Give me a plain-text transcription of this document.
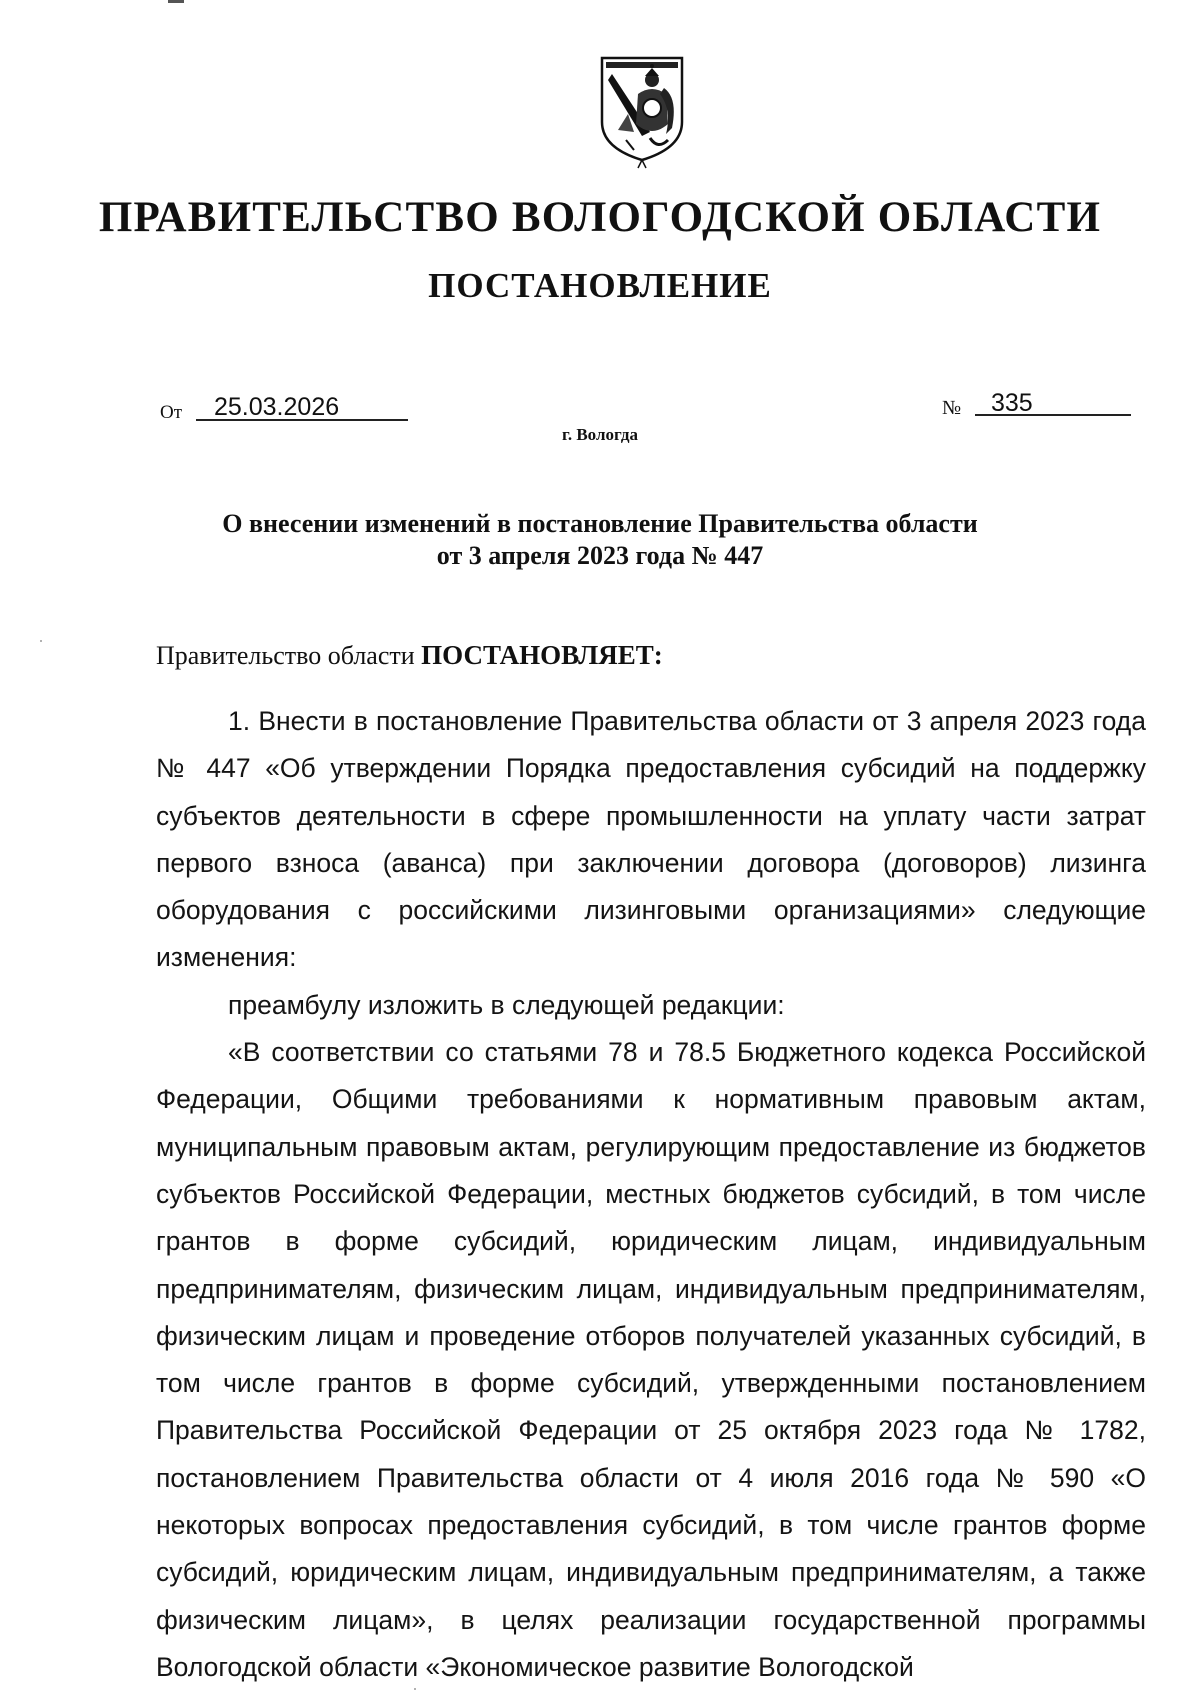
ПРАВИТЕЛЬСТВО ВОЛОГОДСКОЙ ОБЛАСТИ
ПОСТАНОВЛЕНИЕ
От 25.03.2026	№ 335
г. Вологда
О внесении изменений в постановление Правительства области
от 3 апреля 2023 года № 447
Правительство области ПОСТАНОВЛЯЕТ:

1. Внести в постановление Правительства области от 3 апреля 2023 года № 447 «Об утверждении Порядка предоставления субсидий на поддержку субъектов деятельности в сфере промышленности на уплату части затрат первого взноса (аванса) при заключении договора (договоров) лизинга оборудования с российскими лизинговыми организациями» следующие изменения:

преамбулу изложить в следующей редакции:

«В соответствии со статьями 78 и 78.5 Бюджетного кодекса Российской Федерации, Общими требованиями к нормативным правовым актам, муниципальным правовым актам, регулирующим предоставление из бюджетов субъектов Российской Федерации, местных бюджетов субсидий, в том числе грантов в форме субсидий, юридическим лицам, индивидуальным предпринимателям, физическим лицам, индивидуальным предпринимателям, физическим лицам и проведение отборов получателей указанных субсидий, в том числе грантов в форме субсидий, утвержденными постановлением Правительства Российской Федерации от 25 октября 2023 года № 1782, постановлением Правительства области от 4 июля 2016 года № 590 «О некоторых вопросах предоставления субсидий, в том числе грантов форме субсидий, юридическим лицам, индивидуальным предпринимателям, а также физическим лицам», в целях реализации государственной программы Вологодской области «Экономическое развитие Вологодской
